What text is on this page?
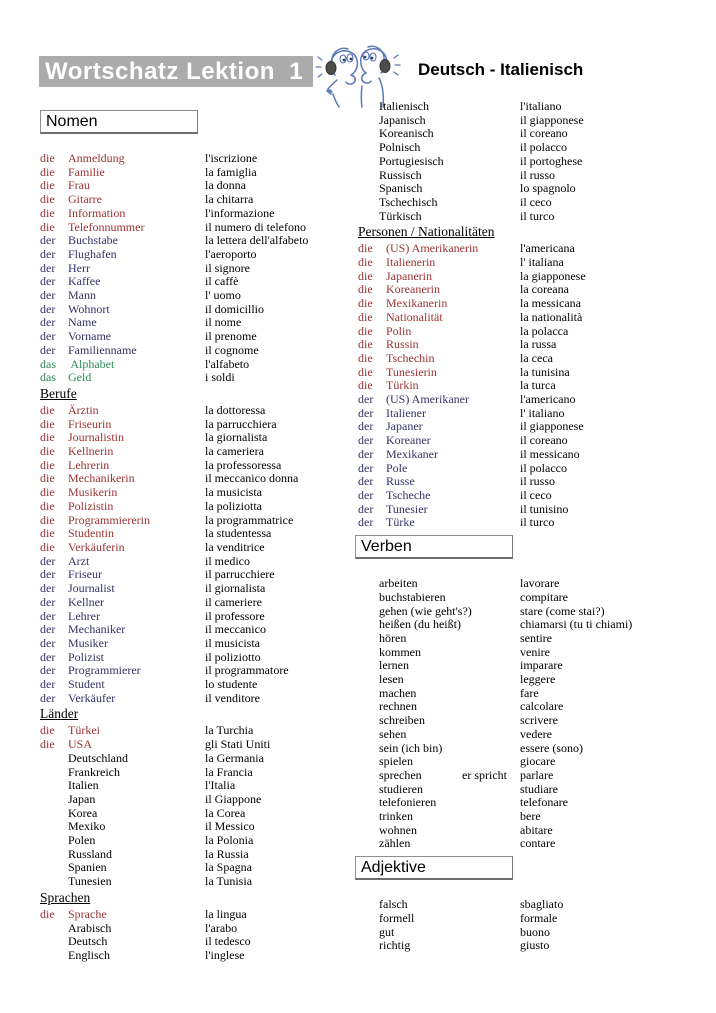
Wortschatz Lektion  1	Deutsch - Italienisch
Nomen
die	Anmeldung	l'iscrizione
die	Familie	la famiglia
die	Frau	la donna
die	Gitarre	la chitarra
die	Information	l'informazione
die	Telefonnummer	il numero di telefono
der	Buchstabe	la lettera dell'alfabeto
der	Flughafen	l'aeroporto
der	Herr	il signore
der	Kaffee	il caffè
der	Mann	l' uomo
der	Wohnort	il domicillio
der	Name	il nome
der	Vorname	il prenome
der	Familienname	il cognome
das	Alphabet	l'alfabeto
das	Geld	i soldi
Berufe
die	Ärztin	la dottoressa
die	Friseurin	la parrucchiera
die	Journalistin	la giornalista
die	Kellnerin	la cameriera
die	Lehrerin	la professoressa
die	Mechanikerin	il meccanico donna
die	Musikerin	la musicista
die	Polizistin	la poliziotta
die	Programmiererin	la programmatrice
die	Studentin	la studentessa
die	Verkäuferin	la venditrice
der	Arzt	il medico
der	Friseur	il parrucchiere
der	Journalist	il giornalista
der	Kellner	il cameriere
der	Lehrer	il professore
der	Mechaniker	il meccanico
der	Musiker	il musicista
der	Polizist	il poliziotto
der	Programmierer	il programmatore
der	Student	lo studente
der	Verkäufer	il venditore
Länder
die	Türkei	la Turchia
die	USA	gli Stati Uniti
Deutschland	la Germania
Frankreich	la Francia
Italien	l'Italia
Japan	il Giappone
Korea	la Corea
Mexiko	il Messico
Polen	la Polonia
Russland	la Russia
Spanien	la Spagna
Tunesien	la Tunisia
Sprachen
die	Sprache	la lingua
Arabisch	l'arabo
Deutsch	il tedesco
Englisch	l'inglese
Italienisch	l'italiano
Japanisch	il giapponese
Koreanisch	il coreano
Polnisch	il polacco
Portugiesisch	il portoghese
Russisch	il russo
Spanisch	lo spagnolo
Tschechisch	il ceco
Türkisch	il turco
Personen / Nationalitäten
die	(US) Amerikanerin	l'americana
die	Italienerin	l' italiana
die	Japanerin	la giapponese
die	Koreanerin	la coreana
die	Mexikanerin	la messicana
die	Nationalität	la nationalità
die	Polin	la polacca
die	Russin	la russa
die	Tschechin	la ceca
die	Tunesierin	la tunisina
die	Türkin	la turca
der	(US) Amerikaner	l'americano
der	Italiener	l' italiano
der	Japaner	il giapponese
der	Koreaner	il coreano
der	Mexikaner	il messicano
der	Pole	il polacco
der	Russe	il russo
der	Tscheche	il ceco
der	Tunesier	il tunisino
der	Türke	il turco
Verben
arbeiten	lavorare
buchstabieren	compitare
gehen (wie geht's?)	stare (come stai?)
heißen (du heißt)	chiamarsi (tu ti chiami)
hören	sentire
kommen	venire
lernen	imparare
lesen	leggere
machen	fare
rechnen	calcolare
schreiben	scrivere
sehen	vedere
sein (ich bin)	essere (sono)
spielen	giocare
sprechen	er spricht	parlare
studieren	studiare
telefonieren	telefonare
trinken	bere
wohnen	abitare
zählen	contare
Adjektive
falsch	sbagliato
formell	formale
gut	buono
richtig	giusto
